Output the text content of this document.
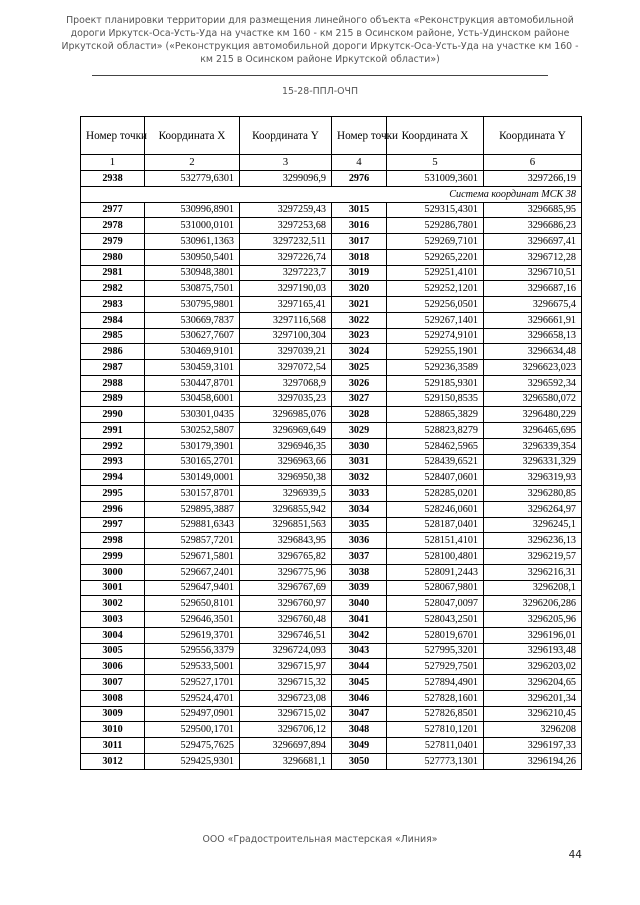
Проект планировки территории для размещения линейного объекта «Реконструкция автомобильной
дороги Иркутск-Оса-Усть-Уда на участке км 160 - км 215 в Осинском районе, Усть-Удинском районе
Иркутской области» («Реконструкция автомобильной дороги Иркутск-Оса-Усть-Уда на участке км 160 -
км 215 в Осинском районе Иркутской области»)
15-28-ППЛ-ОЧП
Номер точки	Координата X	Координата Y	Номер точки	Координата X	Координата Y
1	2	3	4	5	6
2938	532779,6301	3299096,9	2976	531009,3601	3297266,19
Система координат МСК 38					
2977	530996,8901	3297259,43	3015	529315,4301	3296685,95
2978	531000,0101	3297253,68	3016	529286,7801	3296686,23
2979	530961,1363	3297232,511	3017	529269,7101	3296697,41
2980	530950,5401	3297226,74	3018	529265,2201	3296712,28
2981	530948,3801	3297223,7	3019	529251,4101	3296710,51
2982	530875,7501	3297190,03	3020	529252,1201	3296687,16
2983	530795,9801	3297165,41	3021	529256,0501	3296675,4
2984	530669,7837	3297116,568	3022	529267,1401	3296661,91
2985	530627,7607	3297100,304	3023	529274,9101	3296658,13
2986	530469,9101	3297039,21	3024	529255,1901	3296634,48
2987	530459,3101	3297072,54	3025	529236,3589	3296623,023
2988	530447,8701	3297068,9	3026	529185,9301	3296592,34
2989	530458,6001	3297035,23	3027	529150,8535	3296580,072
2990	530301,0435	3296985,076	3028	528865,3829	3296480,229
2991	530252,5807	3296969,649	3029	528823,8279	3296465,695
2992	530179,3901	3296946,35	3030	528462,5965	3296339,354
2993	530165,2701	3296963,66	3031	528439,6521	3296331,329
2994	530149,0001	3296950,38	3032	528407,0601	3296319,93
2995	530157,8701	3296939,5	3033	528285,0201	3296280,85
2996	529895,3887	3296855,942	3034	528246,0601	3296264,97
2997	529881,6343	3296851,563	3035	528187,0401	3296245,1
2998	529857,7201	3296843,95	3036	528151,4101	3296236,13
2999	529671,5801	3296765,82	3037	528100,4801	3296219,57
3000	529667,2401	3296775,96	3038	528091,2443	3296216,31
3001	529647,9401	3296767,69	3039	528067,9801	3296208,1
3002	529650,8101	3296760,97	3040	528047,0097	3296206,286
3003	529646,3501	3296760,48	3041	528043,2501	3296205,96
3004	529619,3701	3296746,51	3042	528019,6701	3296196,01
3005	529556,3379	3296724,093	3043	527995,3201	3296193,48
3006	529533,5001	3296715,97	3044	527929,7501	3296203,02
3007	529527,1701	3296715,32	3045	527894,4901	3296204,65
3008	529524,4701	3296723,08	3046	527828,1601	3296201,34
3009	529497,0901	3296715,02	3047	527826,8501	3296210,45
3010	529500,1701	3296706,12	3048	527810,1201	3296208
3011	529475,7625	3296697,894	3049	527811,0401	3296197,33
3012	529425,9301	3296681,1	3050	527773,1301	3296194,26
ООО «Градостроительная мастерская «Линия»
44
